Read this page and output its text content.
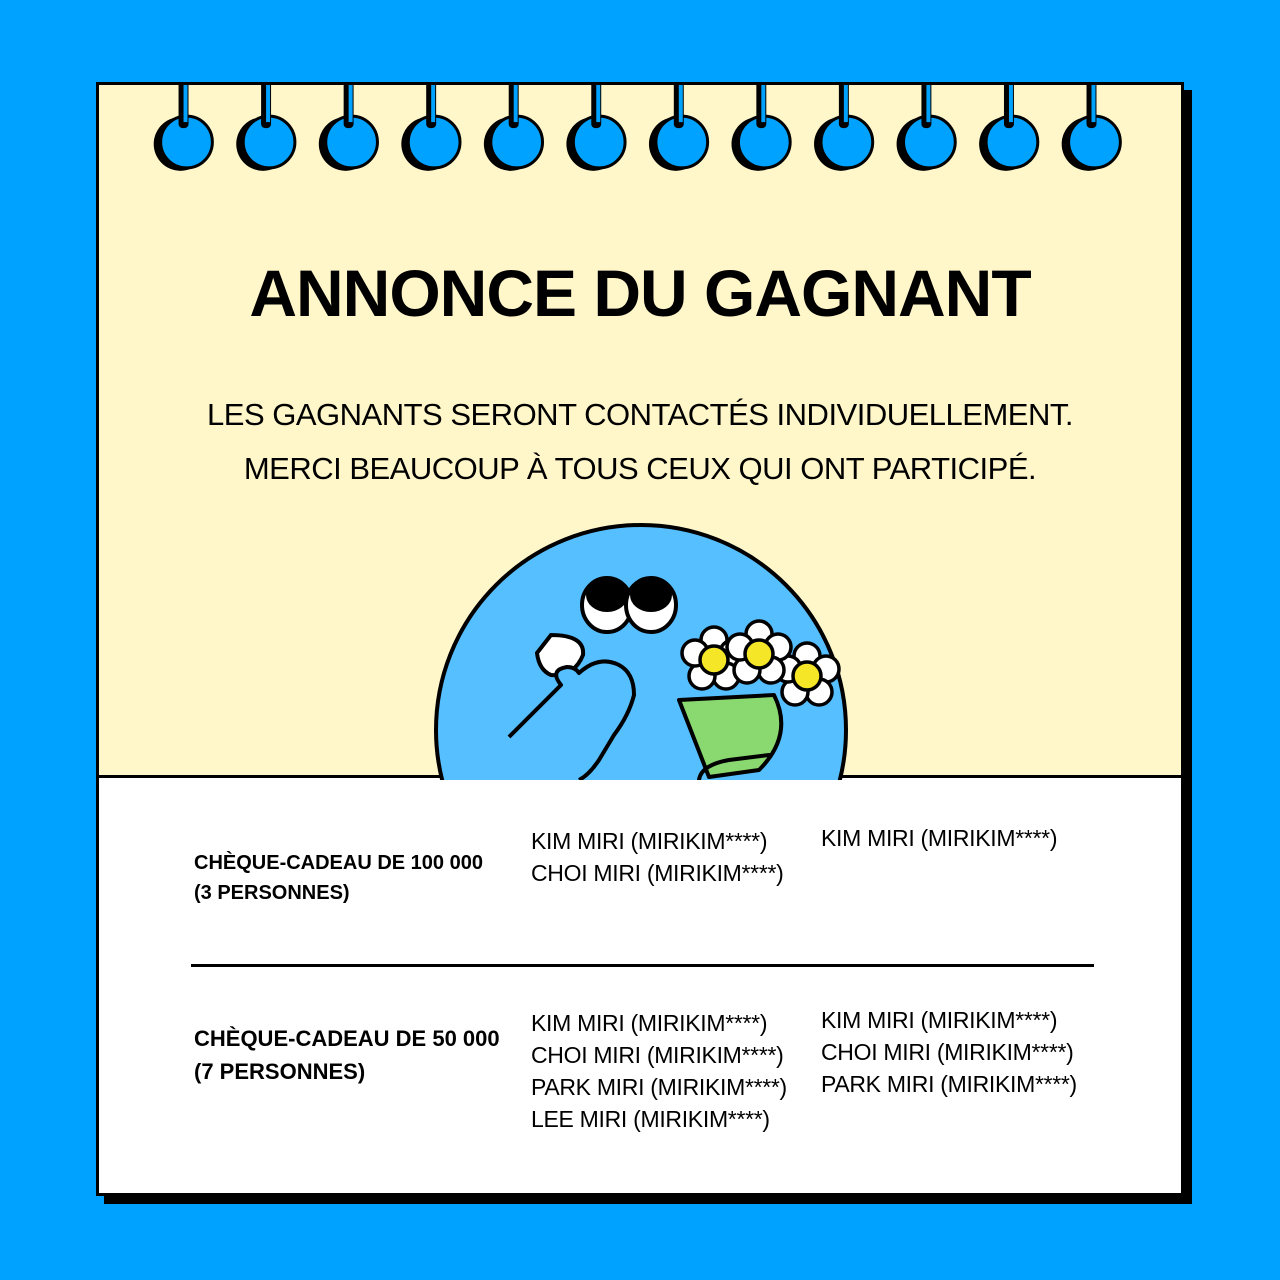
ANNONCE DU GAGNANT
LES GAGNANTS SERONT CONTACTÉS INDIVIDUELLEMENT.
MERCI BEAUCOUP À TOUS CEUX QUI ONT PARTICIPÉ.
CHÈQUE-CADEAU DE 100 000
(3 PERSONNES)
KIM MIRI (MIRIKIM****)
CHOI MIRI (MIRIKIM****)
KIM MIRI (MIRIKIM****)
CHÈQUE-CADEAU DE 50 000
(7 PERSONNES)
KIM MIRI (MIRIKIM****)
CHOI MIRI (MIRIKIM****)
PARK MIRI (MIRIKIM****)
LEE MIRI (MIRIKIM****)
KIM MIRI (MIRIKIM****)
CHOI MIRI (MIRIKIM****)
PARK MIRI (MIRIKIM****)
